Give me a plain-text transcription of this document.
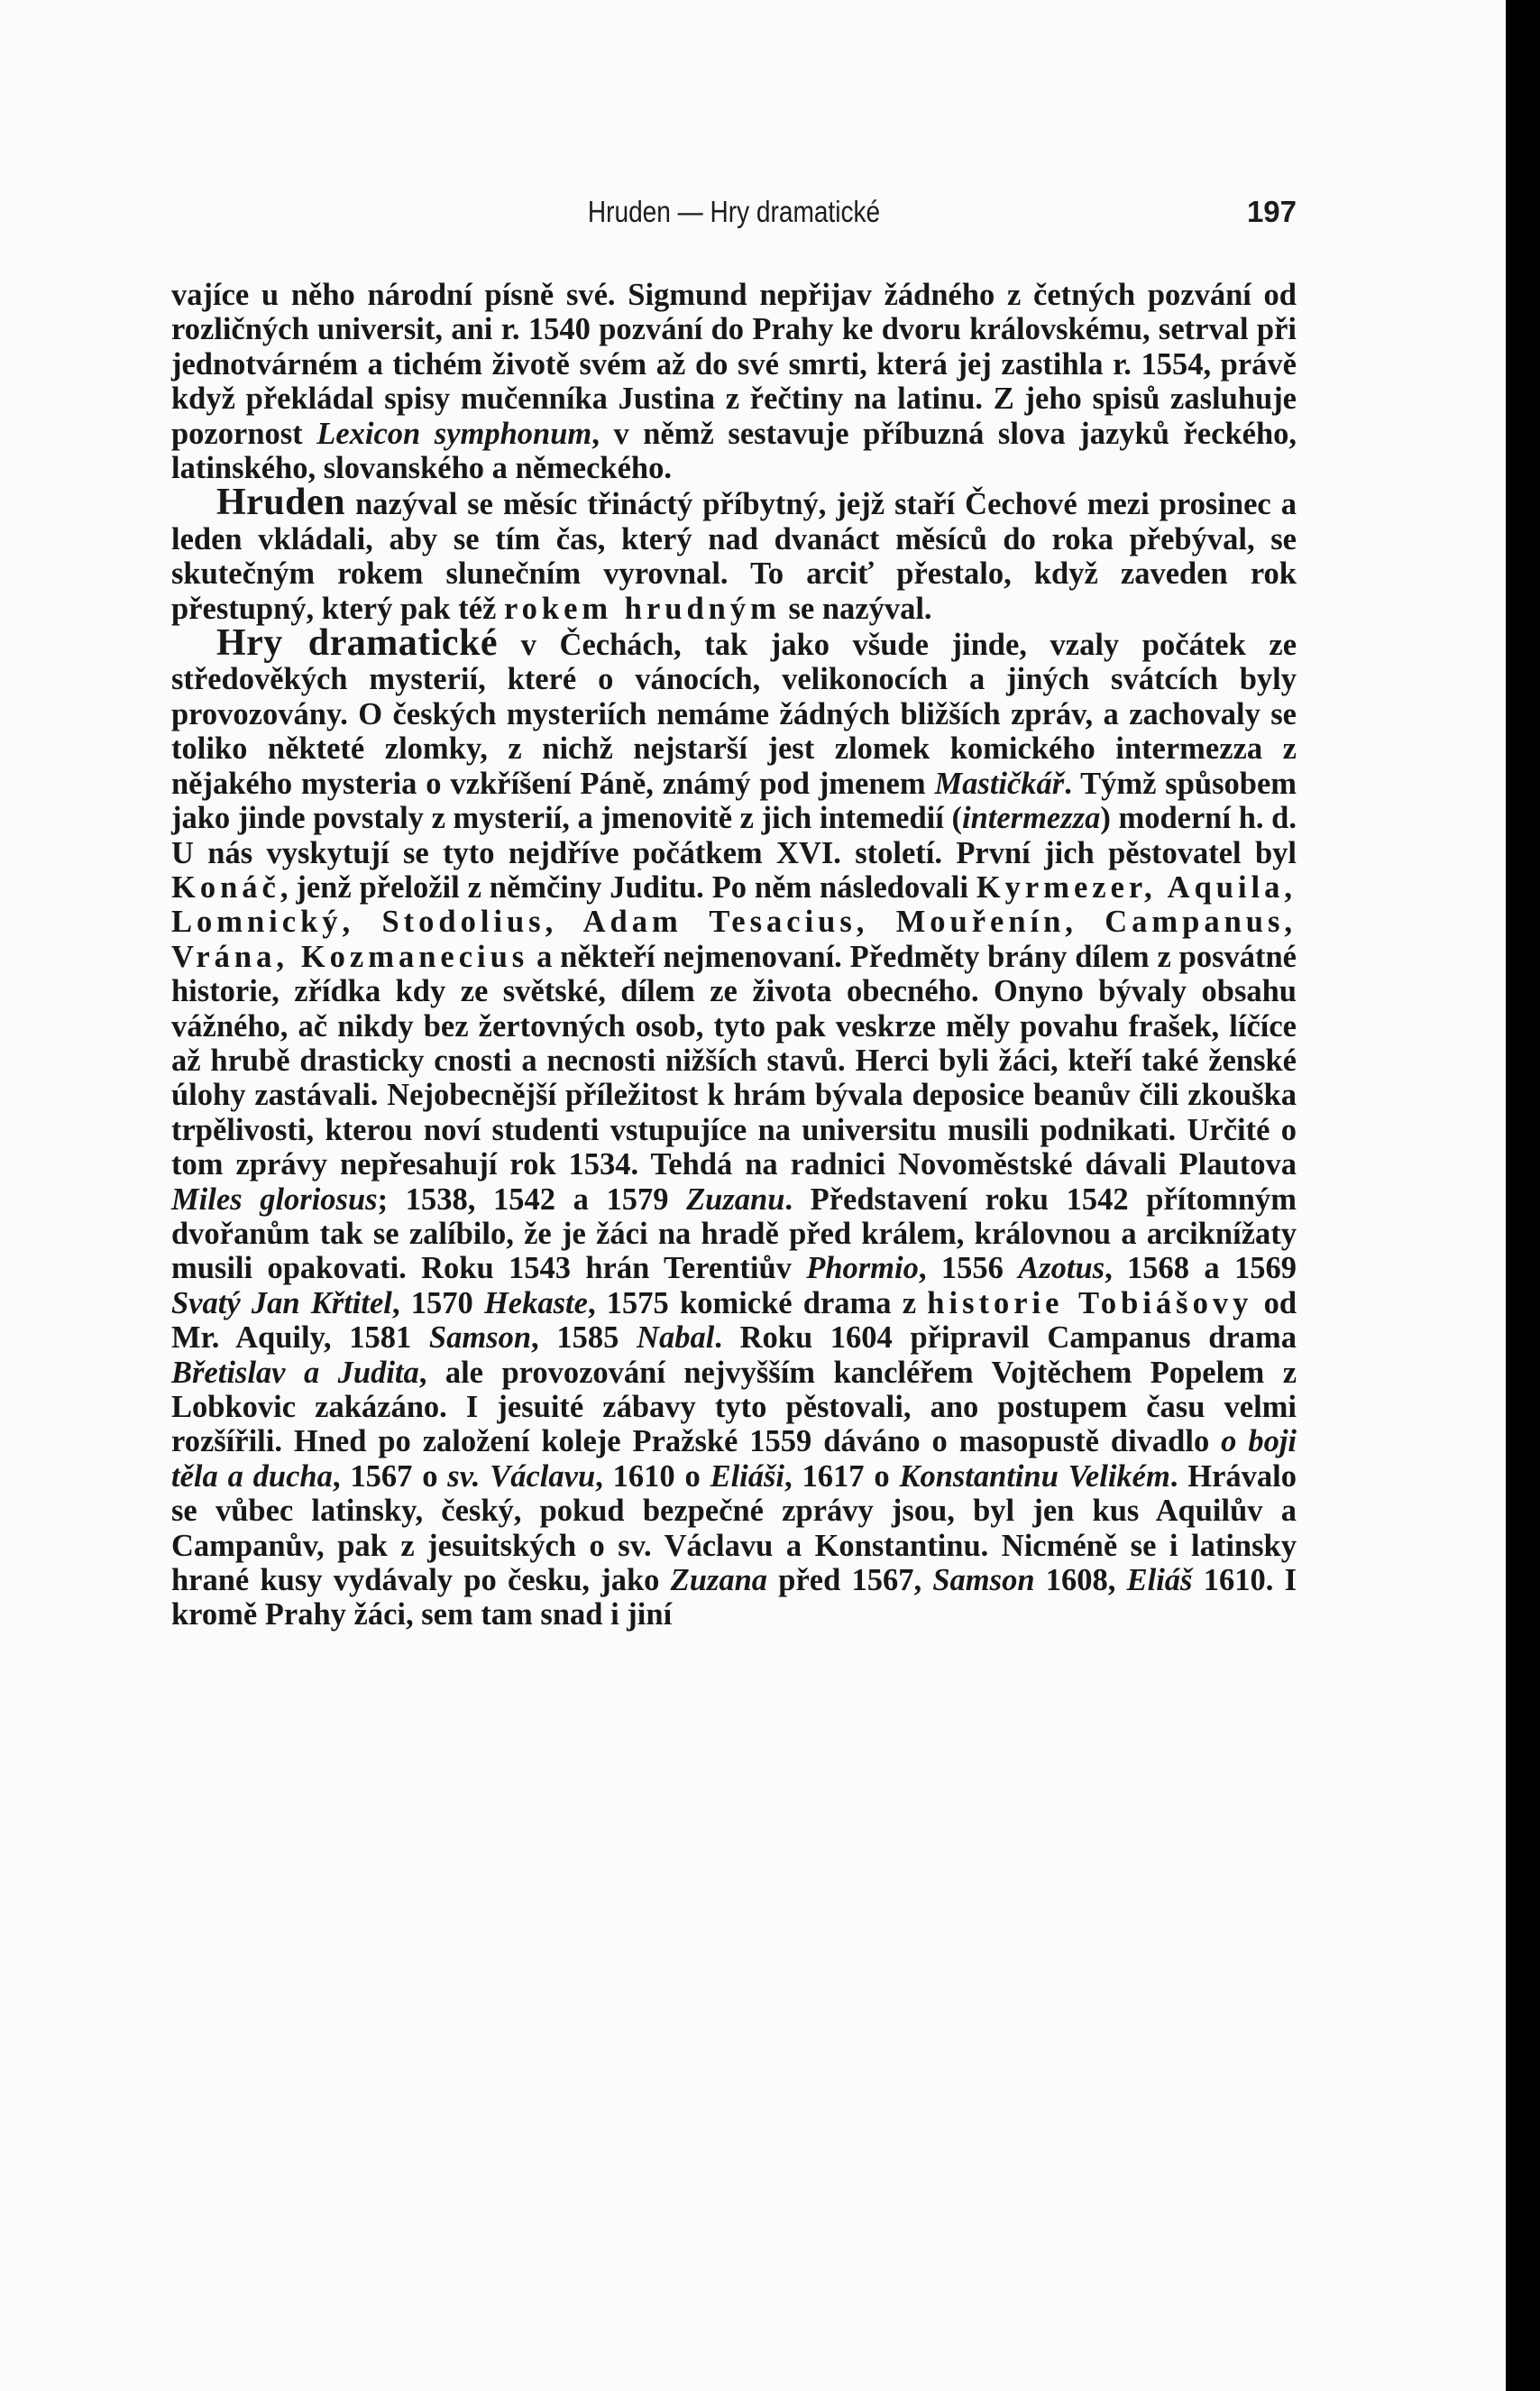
Hruden — Hry dramatické	197

vajíce u něho národní písně své. Sigmund nepřijav žádného z četných pozvání od rozličných universit, ani r. 1540 pozvání do Prahy ke dvoru královskému, setrval při jednotvárném a tichém životě svém až do své smrti, která jej zastihla r. 1554, právě když překládal spisy mučenníka Justina z řečtiny na latinu. Z jeho spisů zasluhuje pozornost Lexicon symphonum, v němž sestavuje příbuzná slova jazyků řeckého, latinského, slovanského a německého.

Hruden nazýval se měsíc třináctý příbytný, jejž staří Čechové mezi prosinec a leden vkládali, aby se tím čas, který nad dvanáct měsíců do roka přebýval, se skutečným rokem slunečním vyrovnal. To arciť přestalo, když zaveden rok přestupný, který pak též rokem hrudným se nazýval.

Hry dramatické v Čechách, tak jako všude jinde, vzaly počátek ze středověkých mysterií, které o vánocích, velikonocích a jiných svátcích byly provozovány. O českých mysteriích nemáme žádných bližších zpráv, a zachovaly se toliko někteté zlomky, z nichž nejstarší jest zlomek komického intermezza z nějakého mysteria o vzkříšení Páně, známý pod jmenem Mastičkář. Týmž spůsobem jako jinde povstaly z mysterií, a jmenovitě z jich intemedií (intermezza) moderní h. d. U nás vyskytují se tyto nejdříve počátkem XVI. století. První jich pěstovatel byl Konáč, jenž přeložil z němčiny Juditu. Po něm následovali Kyrmezer, Aquila, Lomnický, Stodolius, Adam Tesacius, Mouřenín, Campanus, Vrána, Kozmanecius a někteří nejmenovaní. Předměty brány dílem z posvátné historie, zřídka kdy ze světské, dílem ze života obecného. Onyno bývaly obsahu vážného, ač nikdy bez žertovných osob, tyto pak veskrze měly povahu frašek, líčíce až hrubě drasticky cnosti a necnosti nižších stavů. Herci byli žáci, kteří také ženské úlohy zastávali. Nejobecnější příležitost k hrám bývala deposice beanův čili zkouška trpělivosti, kterou noví studenti vstupujíce na universitu musili podnikati. Určité o tom zprávy nepřesahují rok 1534. Tehdá na radnici Novoměstské dávali Plautova Miles gloriosus; 1538, 1542 a 1579 Zuzanu. Představení roku 1542 přítomným dvořanům tak se zalíbilo, že je žáci na hradě před králem, královnou a arciknížaty musili opakovati. Roku 1543 hrán Terentiův Phormio, 1556 Azotus, 1568 a 1569 Svatý Jan Křtitel, 1570 Hekaste, 1575 komické drama z historie Tobiášovy od Mr. Aquily, 1581 Samson, 1585 Nabal. Roku 1604 připravil Campanus drama Břetislav a Judita, ale provozování nejvyšším kancléřem Vojtěchem Popelem z Lobkovic zakázáno. I jesuité zábavy tyto pěstovali, ano postupem času velmi rozšířili. Hned po založení koleje Pražské 1559 dáváno o masopustě divadlo o boji těla a ducha, 1567 o sv. Václavu, 1610 o Eliáši, 1617 o Konstantinu Velikém. Hrávalo se vůbec latinsky, český, pokud bezpečné zprávy jsou, byl jen kus Aquilův a Campanův, pak z jesuitských o sv. Václavu a Konstantinu. Nicméně se i latinsky hrané kusy vydávaly po česku, jako Zuzana před 1567, Samson 1608, Eliáš 1610. I kromě Prahy žáci, sem tam snad i jiní
